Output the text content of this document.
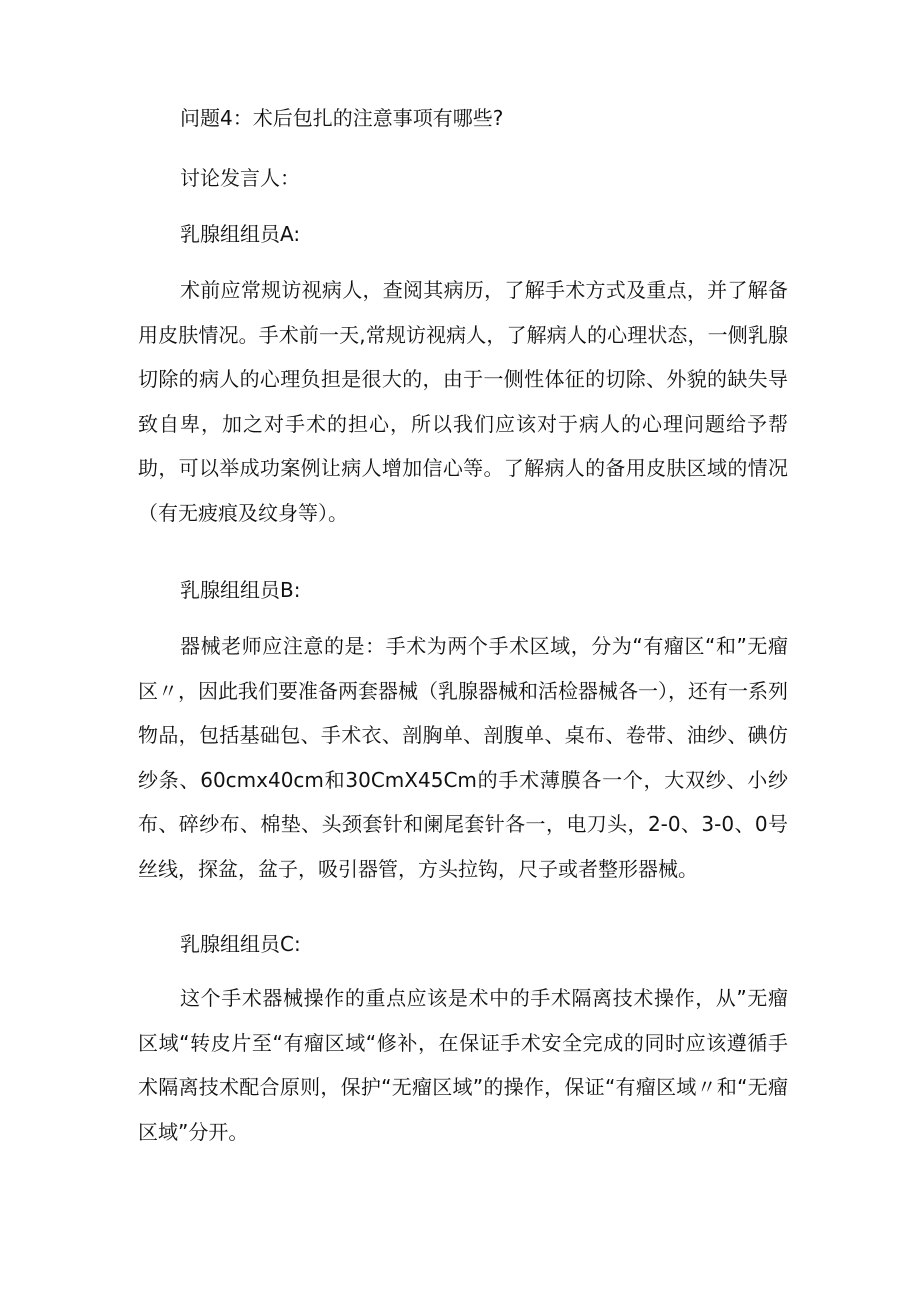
问题4：术后包扎的注意事项有哪些?
讨论发言人：
乳腺组组员A:

术前应常规访视病人，查阅其病历，了解手术方式及重点，并了解备用皮肤情况。手术前一天,常规访视病人，了解病人的心理状态，一侧乳腺切除的病人的心理负担是很大的，由于一侧性体征的切除、外貌的缺失导致自卑，加之对手术的担心，所以我们应该对于病人的心理问题给予帮助，可以举成功案例让病人增加信心等。了解病人的备用皮肤区域的情况（有无疲痕及纹身等）。

乳腺组组员B:

器械老师应注意的是：手术为两个手术区域，分为“有瘤区“和”无瘤区〃，因此我们要准备两套器械（乳腺器械和活检器械各一），还有一系列物品，包括基础包、手术衣、剖胸单、剖腹单、桌布、卷带、油纱、碘仿纱条、60cmx40cm和30CmX45Cm的手术薄膜各一个，大双纱、小纱布、碎纱布、棉垫、头颈套针和阑尾套针各一，电刀头，2-0、3-0、0号丝线，探盆，盆子，吸引器管，方头拉钩，尺子或者整形器械。

乳腺组组员C:

这个手术器械操作的重点应该是术中的手术隔离技术操作，从”无瘤区域“转皮片至“有瘤区域“修补，在保证手术安全完成的同时应该遵循手术隔离技术配合原则，保护“无瘤区域”的操作，保证“有瘤区域〃和“无瘤区域”分开。
